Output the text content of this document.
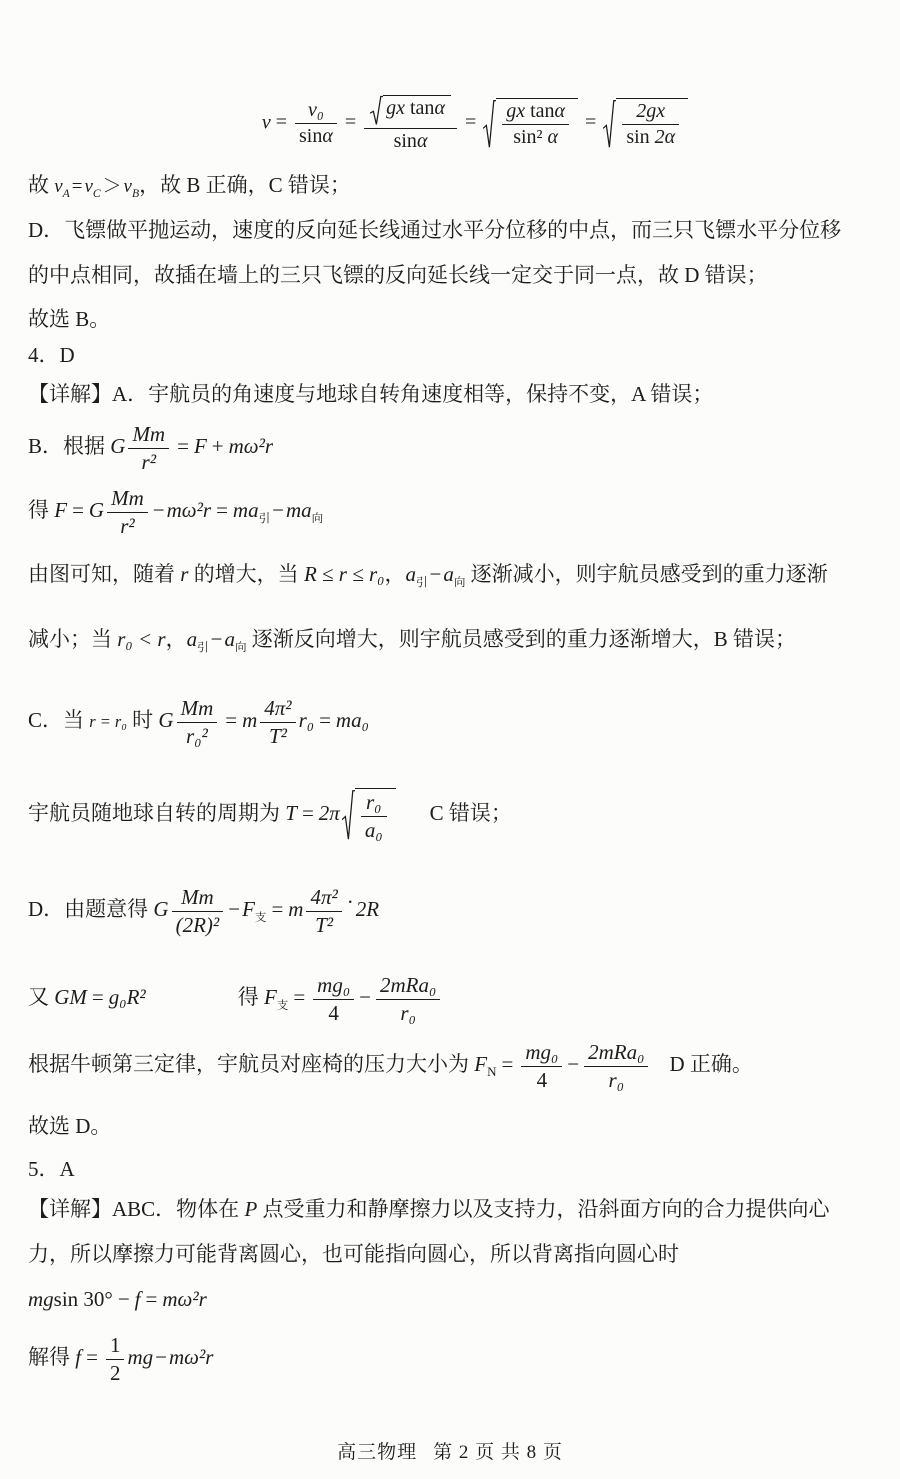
$v = \frac{\text{v₀}}{\sin\alpha} = \frac{\text{gx tanα}}{\sin\alpha} = \frac{\text{gx tanα}}{\text{sin² α}} = \frac{2gx}{\sin 2\alpha}$
故 $v_A = v_C > v_B$，故 B 正确，C 错误；
D．飞镖做平抛运动，速度的反向延长线通过水平分位移的中点，而三只飞镖水平分位移
的中点相同，故插在墙上的三只飞镖的反向延长线一定交于同一点，故 D 错误；
故选 B。
4．D
【详解】A．宇航员的角速度与地球自转角速度相等，保持不变，A 错误；
B．根据 G $\frac{Mm}{\text{r²}} = F + m\omega^2r$
得 F = G $\frac{Mm}{\text{r²}} -m\omega^2r = ma_引-ma_向$
由图可知，随着 r 的增大，当 R ≤ r ≤ r₀，$a_引-a_向$ 逐渐减小，则宇航员感受到的重力逐渐
减小；当 r₀ < r，$a_引-a_向$ 逐渐反向增大，则宇航员感受到的重力逐渐增大，B 错误；
C．当 r = r₀ 时 G $\frac{Mm}{\text{r₀²}} = m \frac{\text{4π²}}{\text{T²}} r_0 = ma_0$
宇航员随地球自转的周期为 $T = 2\pi \frac{\text{r₀}}{\text{a₀}}$ C 错误；
D．由题意得 G $\frac{Mm}{\text{(2R)²}} -F_支 = m \frac{\text{4π²}}{\text{T²}} \cdot 2R$
又 GM = g₀R²	得 $F_支 = \frac{\text{mg₀}}{4} - \frac{\text{2mRa₀}}{\text{r₀}}$
根据牛顿第三定律，宇航员对座椅的压力大小为 $F_N = \frac{\text{mg₀}}{4} - \frac{\text{2mRa₀}}{\text{r₀}}$ D 正确。
故选 D。
5．A
【详解】ABC．物体在 P 点受重力和静摩擦力以及支持力，沿斜面方向的合力提供向心
力，所以摩擦力可能背离圆心，也可能指向圆心，所以背离指向圆心时
mgsin 30° − f = mω²r
解得 $f = \frac{1}{2} mg-m\omega^2r$
高三物理 第 2 页 共 8 页
